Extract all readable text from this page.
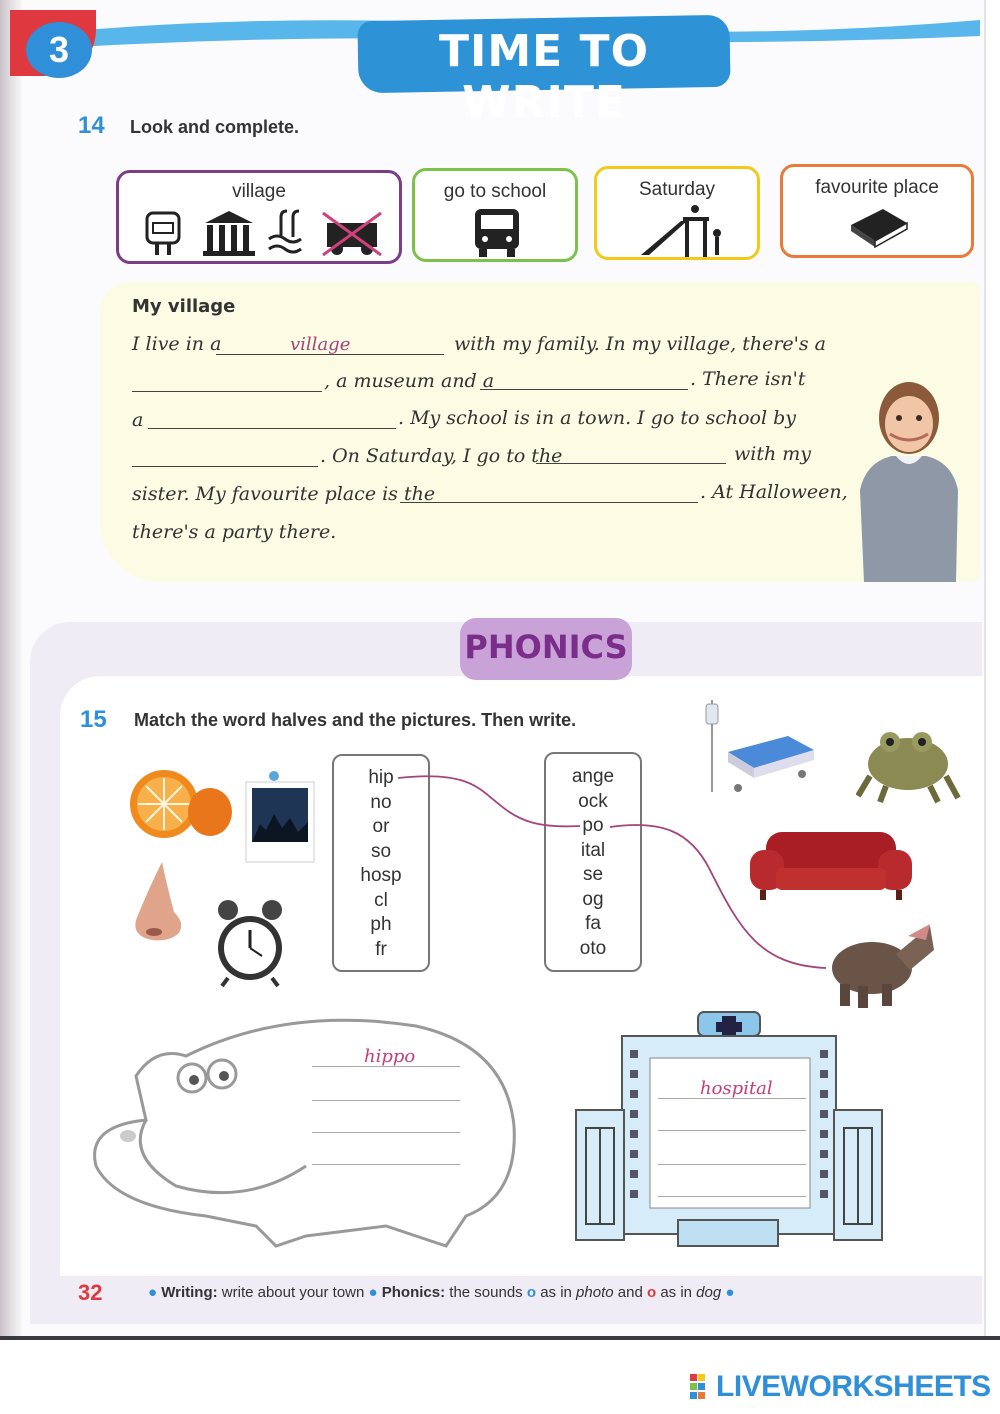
3	TIME TO WRITE
14 Look and complete.
village	go to school	Saturday	favourite place
My village
I live in a	village	with my family. In my village, there's a
, a museum and a	. There isn't
a	. My school is in a town. I go to school by
. On Saturday, I go to the	with my
sister. My favourite place is the	. At Halloween,
there's a party there.
PHONICS
15 Match the word halves and the pictures. Then write.
hip
no
or
so
hosp
cl
ph
fr
ange
ock
po
ital
se
og
fa
oto
hippo
hospital
32	● Writing: write about your town ● Phonics: the sounds o as in photo and o as in dog ●
LIVEWORKSHEETS
